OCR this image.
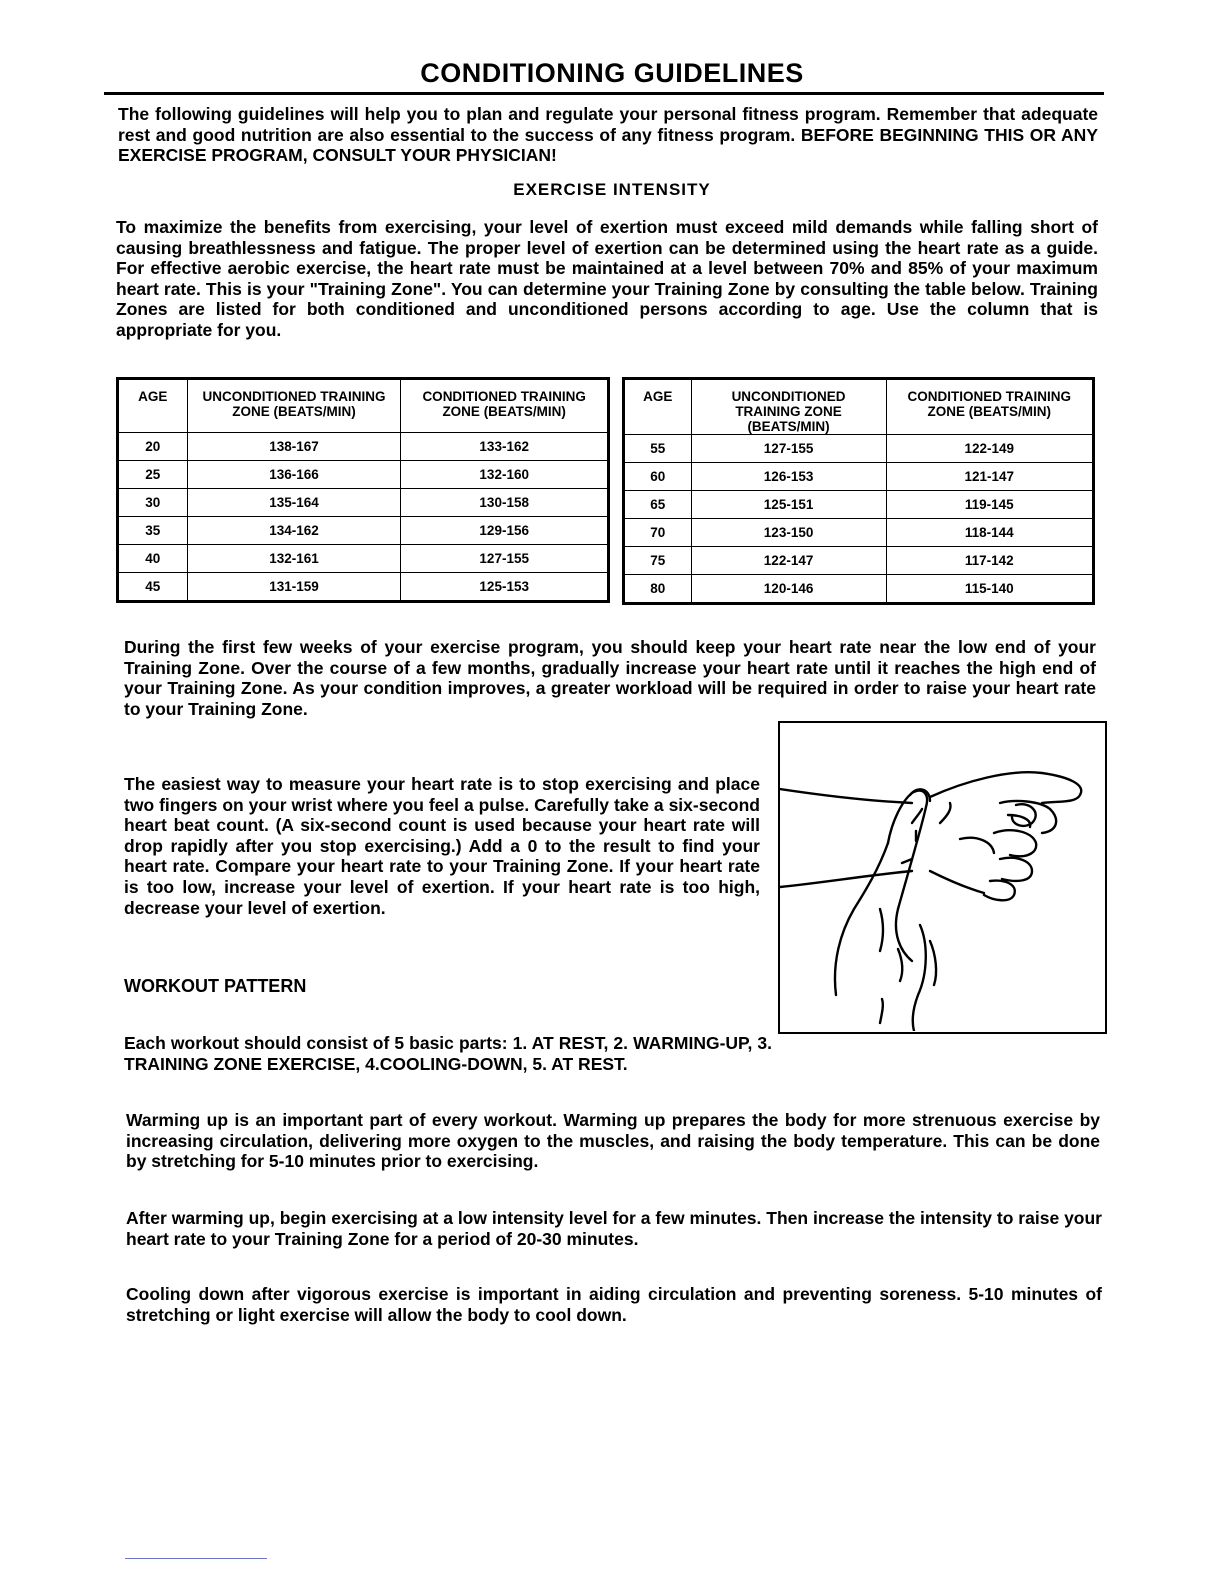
CONDITIONING GUIDELINES

The following guidelines will help you to plan and regulate your personal fitness program. Remember that adequate rest and good nutrition are also essential to the success of any fitness program. BEFORE BEGINNING THIS OR ANY EXERCISE PROGRAM, CONSULT YOUR PHYSICIAN!

EXERCISE INTENSITY

To maximize the benefits from exercising, your level of exertion must exceed mild demands while falling short of causing breathlessness and fatigue. The proper level of exertion can be determined using the heart rate as a guide. For effective aerobic exercise, the heart rate must be maintained at a level between 70% and 85% of your maximum heart rate. This is your "Training Zone". You can determine your Training Zone by consulting the table below. Training Zones are listed for both conditioned and unconditioned persons according to age. Use the column that is appropriate for you.

AGE	UNCONDITIONED TRAINING ZONE (BEATS/MIN)	CONDITIONED TRAINING ZONE (BEATS/MIN)
20	138-167	133-162
25	136-166	132-160
30	135-164	130-158
35	134-162	129-156
40	132-161	127-155
45	131-159	125-153
AGE	UNCONDITIONED TRAINING ZONE (BEATS/MIN)	CONDITIONED TRAINING ZONE (BEATS/MIN)
55	127-155	122-149
60	126-153	121-147
65	125-151	119-145
70	123-150	118-144
75	122-147	117-142
80	120-146	115-140

During the first few weeks of your exercise program, you should keep your heart rate near the low end of your Training Zone. Over the course of a few months, gradually increase your heart rate until it reaches the high end of your Training Zone. As your condition improves, a greater workload will be required in order to raise your heart rate to your Training Zone.

The easiest way to measure your heart rate is to stop exercising and place two fingers on your wrist where you feel a pulse. Carefully take a six-second heart beat count. (A six-second count is used because your heart rate will drop rapidly after you stop exercising.) Add a 0 to the result to find your heart rate. Compare your heart rate to your Training Zone. If your heart rate is too low, increase your level of exertion. If your heart rate is too high, decrease your level of exertion.

WORKOUT PATTERN

Each workout should consist of 5 basic parts: 1. AT REST, 2. WARMING-UP, 3. TRAINING ZONE EXERCISE, 4.COOLING-DOWN, 5. AT REST.

Warming up is an important part of every workout. Warming up prepares the body for more strenuous exercise by increasing circulation, delivering more oxygen to the muscles, and raising the body temperature. This can be done by stretching for 5-10 minutes prior to exercising.

After warming up, begin exercising at a low intensity level for a few minutes. Then increase the intensity to raise your heart rate to your Training Zone for a period of 20-30 minutes.

Cooling down after vigorous exercise is important in aiding circulation and preventing soreness. 5-10 minutes of stretching or light exercise will allow the body to cool down.
